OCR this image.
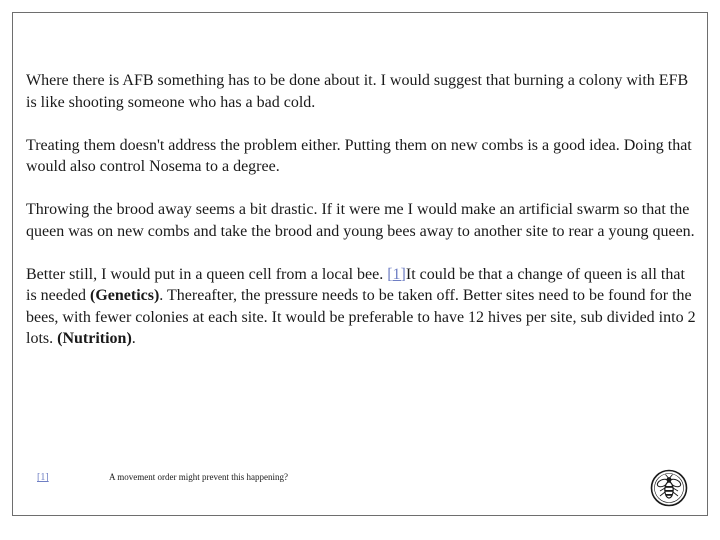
Where there is AFB something has to be done about it. I would suggest that burning a colony with EFB is like shooting someone who has a bad cold.

Treating them doesn't address the problem either. Putting them on new combs is a good idea. Doing that would also control Nosema to a degree.

Throwing the brood away seems a bit drastic. If it were me I would make an artificial swarm so that the queen was on new combs and take the brood and young bees away to another site to rear a young queen.

Better still, I would put in a queen cell from a local bee. [1]It could be that a change of queen is all that is needed (Genetics). Thereafter, the pressure needs to be taken off. Better sites need to be found for the bees, with fewer colonies at each site. It would be preferable to have 12 hives per site, sub divided into 2 lots. (Nutrition).

[1]	A movement order might prevent this happening?
